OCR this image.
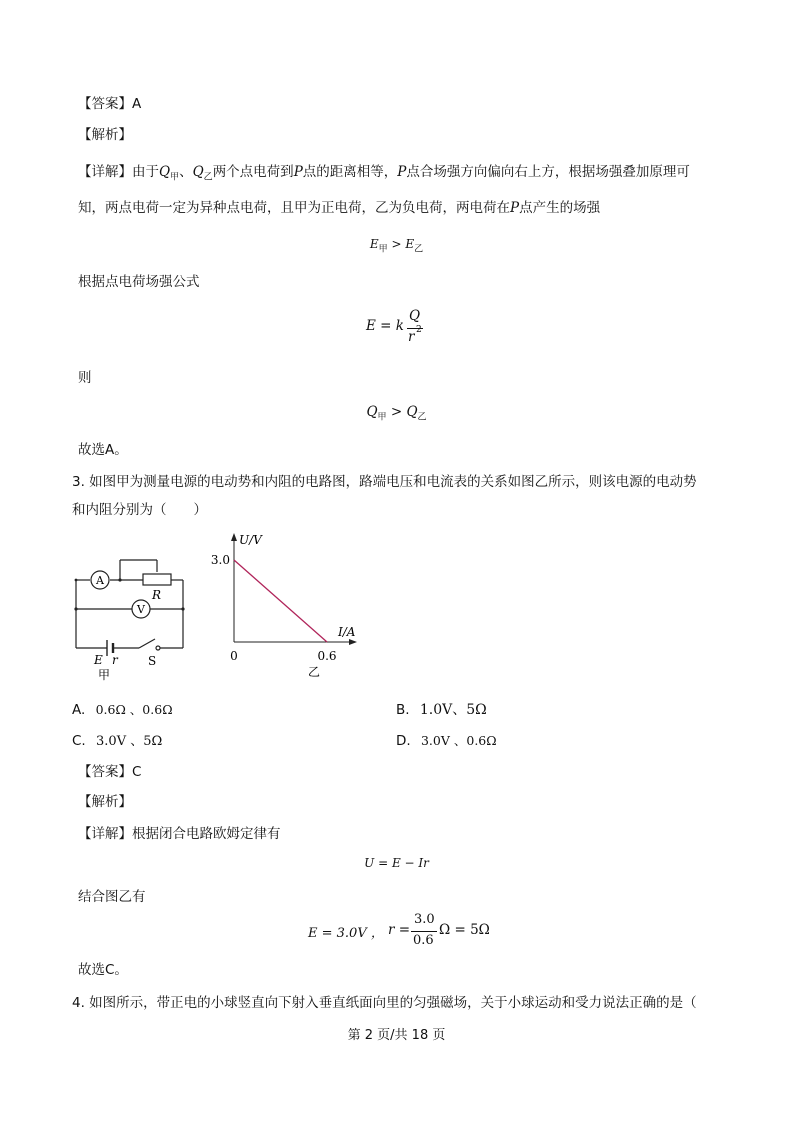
【答案】A
【解析】
【详解】由于$Q_甲$、$Q_乙$两个点电荷到P点的距离相等，P点合场强方向偏向右上方，根据场强叠加原理可
知，两点电荷一定为异种点电荷，且甲为正电荷，乙为负电荷，两电荷在P点产生的场强
$E_甲 > E_乙$
根据点电荷场强公式
E = k
Q
r 2
则
$Q_甲 > Q_乙$
故选A。
3. 如图甲为测量电源的电动势和内阻的电路图，路端电压和电流表的关系如图乙所示，则该电源的电动势
和内阻分别为（　　）
A
V
R
E r	S
甲
U/V
I/A
0	0.6
3.0
乙
A. 0.6Ω 、0.6Ω	B. 1.0V、5Ω
C. 3.0V 、5Ω	D. 3.0V 、0.6Ω
【答案】C
【解析】
【详解】根据闭合电路欧姆定律有
U = E − Ir
结合图乙有
E = 3.0V ， r =
3.0
0.6
Ω = 5Ω
故选C。
4. 如图所示，带正电的小球竖直向下射入垂直纸面向里的匀强磁场，关于小球运动和受力说法正确的是（
第 2 页/共 18 页
